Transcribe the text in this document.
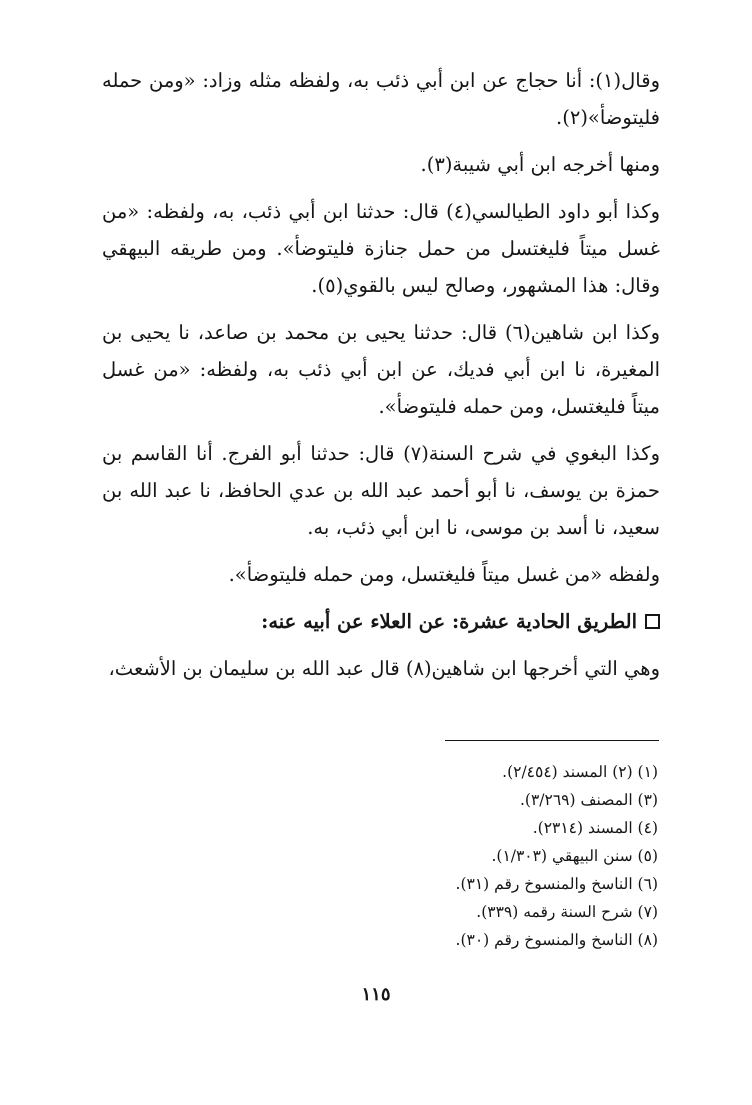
وقال(١): أنا حجاج عن ابن أبي ذئب به، ولفظه مثله وزاد: «ومن حمله فليتوضأ»(٢).

ومنها أخرجه ابن أبي شيبة(٣).

وكذا أبو داود الطيالسي(٤) قال: حدثنا ابن أبي ذئب، به، ولفظه: «من غسل ميتاً فليغتسل من حمل جنازة فليتوضأ». ومن طريقه البيهقي وقال: هذا المشهور، وصالح ليس بالقوي(٥).

وكذا ابن شاهين(٦) قال: حدثنا يحيى بن محمد بن صاعد، نا يحيى بن المغيرة، نا ابن أبي فديك، عن ابن أبي ذئب به، ولفظه: «من غسل ميتاً فليغتسل، ومن حمله فليتوضأ».

وكذا البغوي في شرح السنة(٧) قال: حدثنا أبو الفرج. أنا القاسم بن حمزة بن يوسف، نا أبو أحمد عبد الله بن عدي الحافظ، نا عبد الله بن سعيد، نا أسد بن موسى، نا ابن أبي ذئب، به.

ولفظه «من غسل ميتاً فليغتسل، ومن حمله فليتوضأ».

الطريق الحادية عشرة: عن العلاء عن أبيه عنه:

وهي التي أخرجها ابن شاهين(٨) قال عبد الله بن سليمان بن الأشعث،

(١) (٢) المسند (٢/٤٥٤).

(٣) المصنف (٣/٢٦٩).

(٤) المسند (٢٣١٤).

(٥) سنن البيهقي (١/٣٠٣).

(٦) الناسخ والمنسوخ رقم (٣١).

(٧) شرح السنة رقمه (٣٣٩).

(٨) الناسخ والمنسوخ رقم (٣٠).

١١٥
